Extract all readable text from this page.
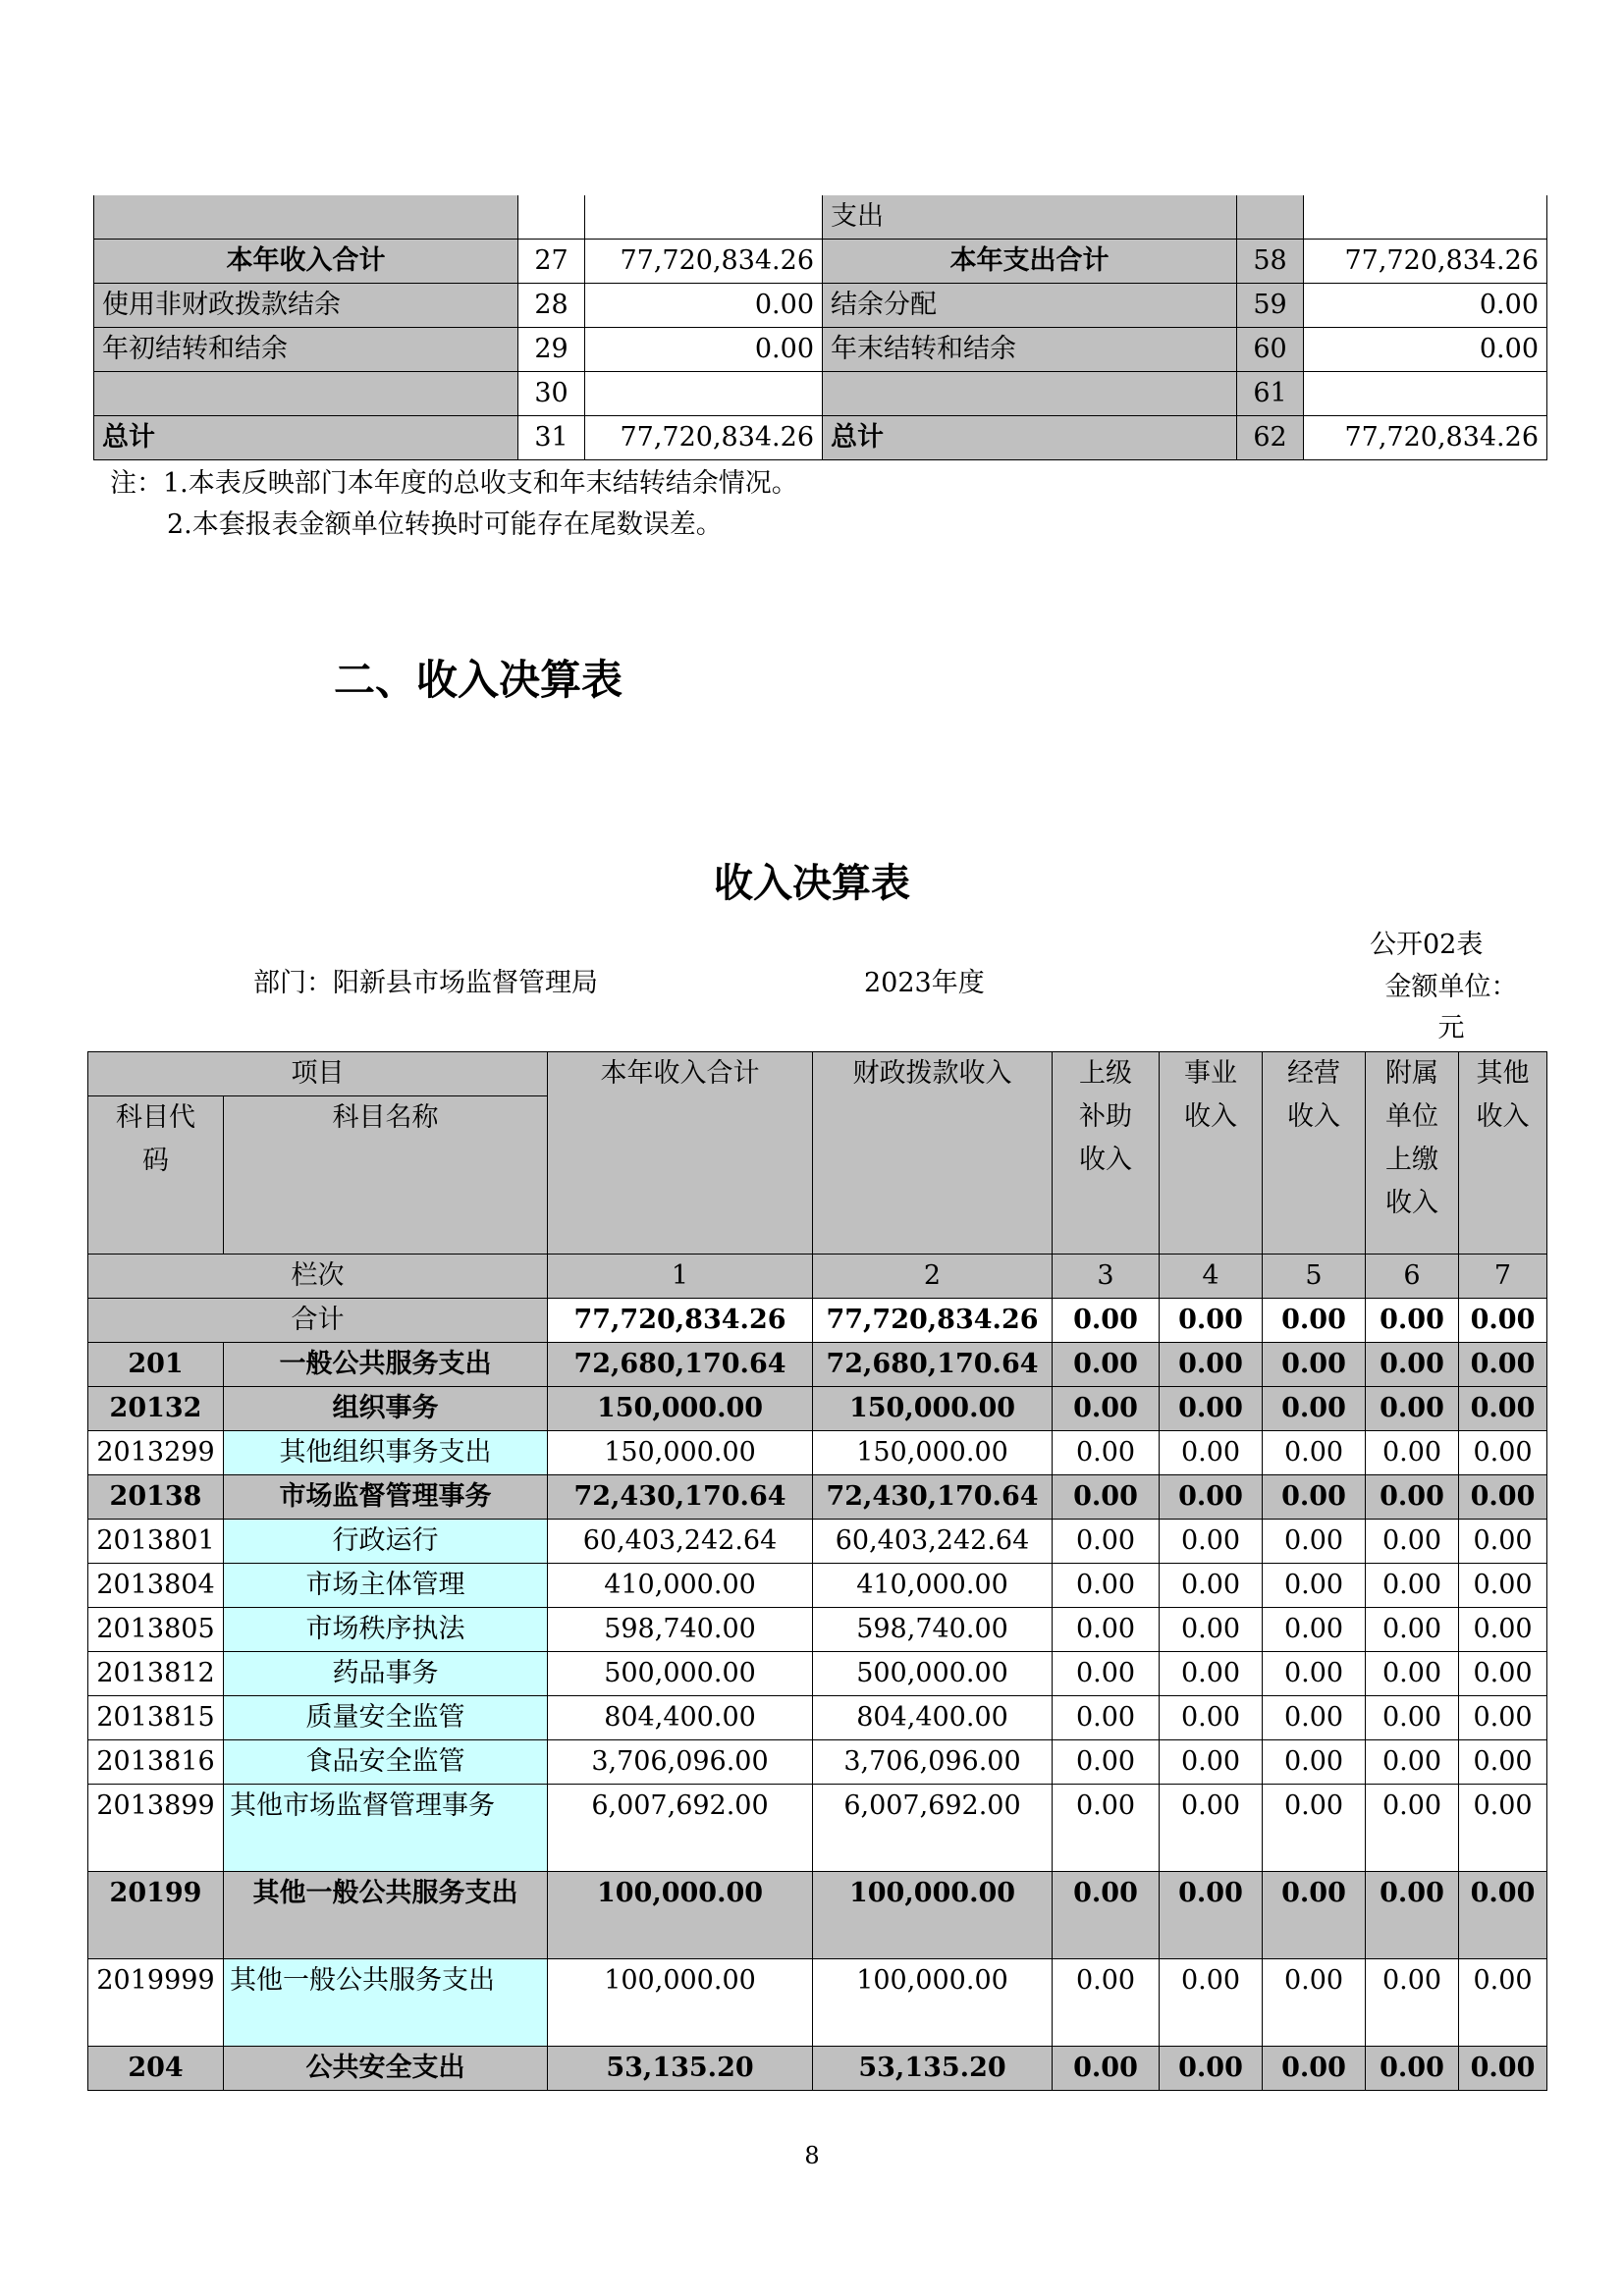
			支出		
本年收入合计	27	77,720,834.26	本年支出合计	58	77,720,834.26
使用非财政拨款结余	28	0.00	结余分配	59	0.00
年初结转和结余	29	0.00	年末结转和结余	60	0.00
	30			61	
总计	31	77,720,834.26	总计	62	77,720,834.26
注：1.本表反映部门本年度的总收支和年末结转结余情况。
2.本套报表金额单位转换时可能存在尾数误差。
二、收入决算表
收入决算表
公开02表
部门：阳新县市场监督管理局	2023年度	金额单位：元
项目		本年收入合计	财政拨款收入	上级补助收入	事业收入	经营收入	附属单位上缴收入	其他收入
科目代码	科目名称							
栏次		1	2	3	4	5	6	7
合计		77,720,834.26	77,720,834.26	0.00	0.00	0.00	0.00	0.00
201	一般公共服务支出	72,680,170.64	72,680,170.64	0.00	0.00	0.00	0.00	0.00
20132	组织事务	150,000.00	150,000.00	0.00	0.00	0.00	0.00	0.00
2013299	其他组织事务支出	150,000.00	150,000.00	0.00	0.00	0.00	0.00	0.00
20138	市场监督管理事务	72,430,170.64	72,430,170.64	0.00	0.00	0.00	0.00	0.00
2013801	行政运行	60,403,242.64	60,403,242.64	0.00	0.00	0.00	0.00	0.00
2013804	市场主体管理	410,000.00	410,000.00	0.00	0.00	0.00	0.00	0.00
2013805	市场秩序执法	598,740.00	598,740.00	0.00	0.00	0.00	0.00	0.00
2013812	药品事务	500,000.00	500,000.00	0.00	0.00	0.00	0.00	0.00
2013815	质量安全监管	804,400.00	804,400.00	0.00	0.00	0.00	0.00	0.00
2013816	食品安全监管	3,706,096.00	3,706,096.00	0.00	0.00	0.00	0.00	0.00
2013899	其他市场监督管理事务	6,007,692.00	6,007,692.00	0.00	0.00	0.00	0.00	0.00
20199	其他一般公共服务支出	100,000.00	100,000.00	0.00	0.00	0.00	0.00	0.00
2019999	其他一般公共服务支出	100,000.00	100,000.00	0.00	0.00	0.00	0.00	0.00
204	公共安全支出	53,135.20	53,135.20	0.00	0.00	0.00	0.00	0.00
8
